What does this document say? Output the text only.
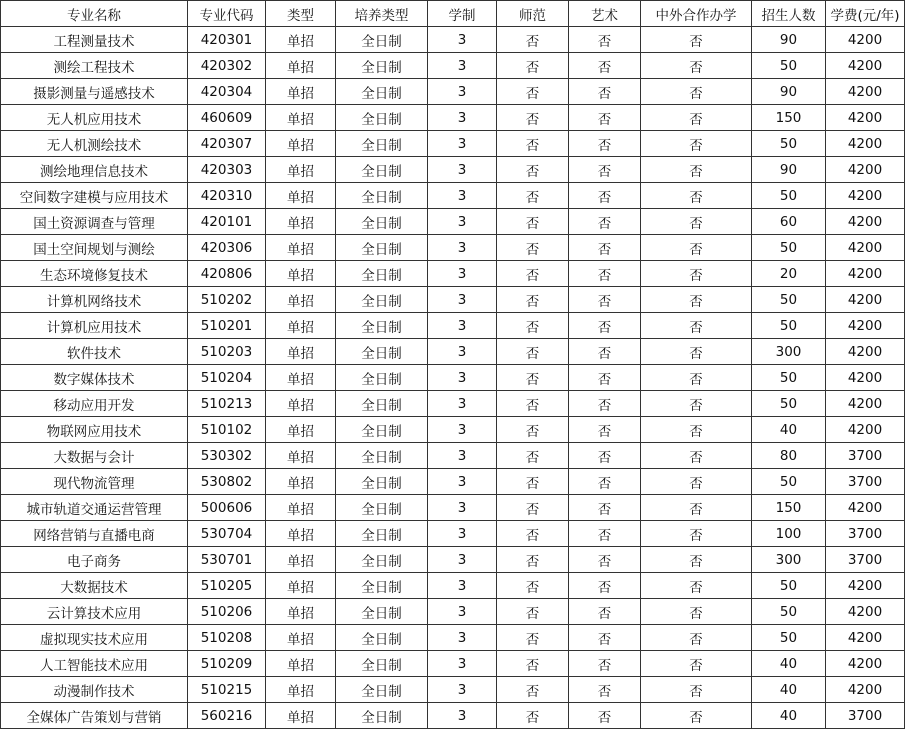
专业名称	专业代码	类型	培养类型	学制	师范	艺术	中外合作办学	招生人数	学费(元/年)
工程测量技术	420301	单招	全日制	3	否	否	否	90	4200
测绘工程技术	420302	单招	全日制	3	否	否	否	50	4200
摄影测量与遥感技术	420304	单招	全日制	3	否	否	否	90	4200
无人机应用技术	460609	单招	全日制	3	否	否	否	150	4200
无人机测绘技术	420307	单招	全日制	3	否	否	否	50	4200
测绘地理信息技术	420303	单招	全日制	3	否	否	否	90	4200
空间数字建模与应用技术	420310	单招	全日制	3	否	否	否	50	4200
国土资源调查与管理	420101	单招	全日制	3	否	否	否	60	4200
国土空间规划与测绘	420306	单招	全日制	3	否	否	否	50	4200
生态环境修复技术	420806	单招	全日制	3	否	否	否	20	4200
计算机网络技术	510202	单招	全日制	3	否	否	否	50	4200
计算机应用技术	510201	单招	全日制	3	否	否	否	50	4200
软件技术	510203	单招	全日制	3	否	否	否	300	4200
数字媒体技术	510204	单招	全日制	3	否	否	否	50	4200
移动应用开发	510213	单招	全日制	3	否	否	否	50	4200
物联网应用技术	510102	单招	全日制	3	否	否	否	40	4200
大数据与会计	530302	单招	全日制	3	否	否	否	80	3700
现代物流管理	530802	单招	全日制	3	否	否	否	50	3700
城市轨道交通运营管理	500606	单招	全日制	3	否	否	否	150	4200
网络营销与直播电商	530704	单招	全日制	3	否	否	否	100	3700
电子商务	530701	单招	全日制	3	否	否	否	300	3700
大数据技术	510205	单招	全日制	3	否	否	否	50	4200
云计算技术应用	510206	单招	全日制	3	否	否	否	50	4200
虚拟现实技术应用	510208	单招	全日制	3	否	否	否	50	4200
人工智能技术应用	510209	单招	全日制	3	否	否	否	40	4200
动漫制作技术	510215	单招	全日制	3	否	否	否	40	4200
全媒体广告策划与营销	560216	单招	全日制	3	否	否	否	40	3700
